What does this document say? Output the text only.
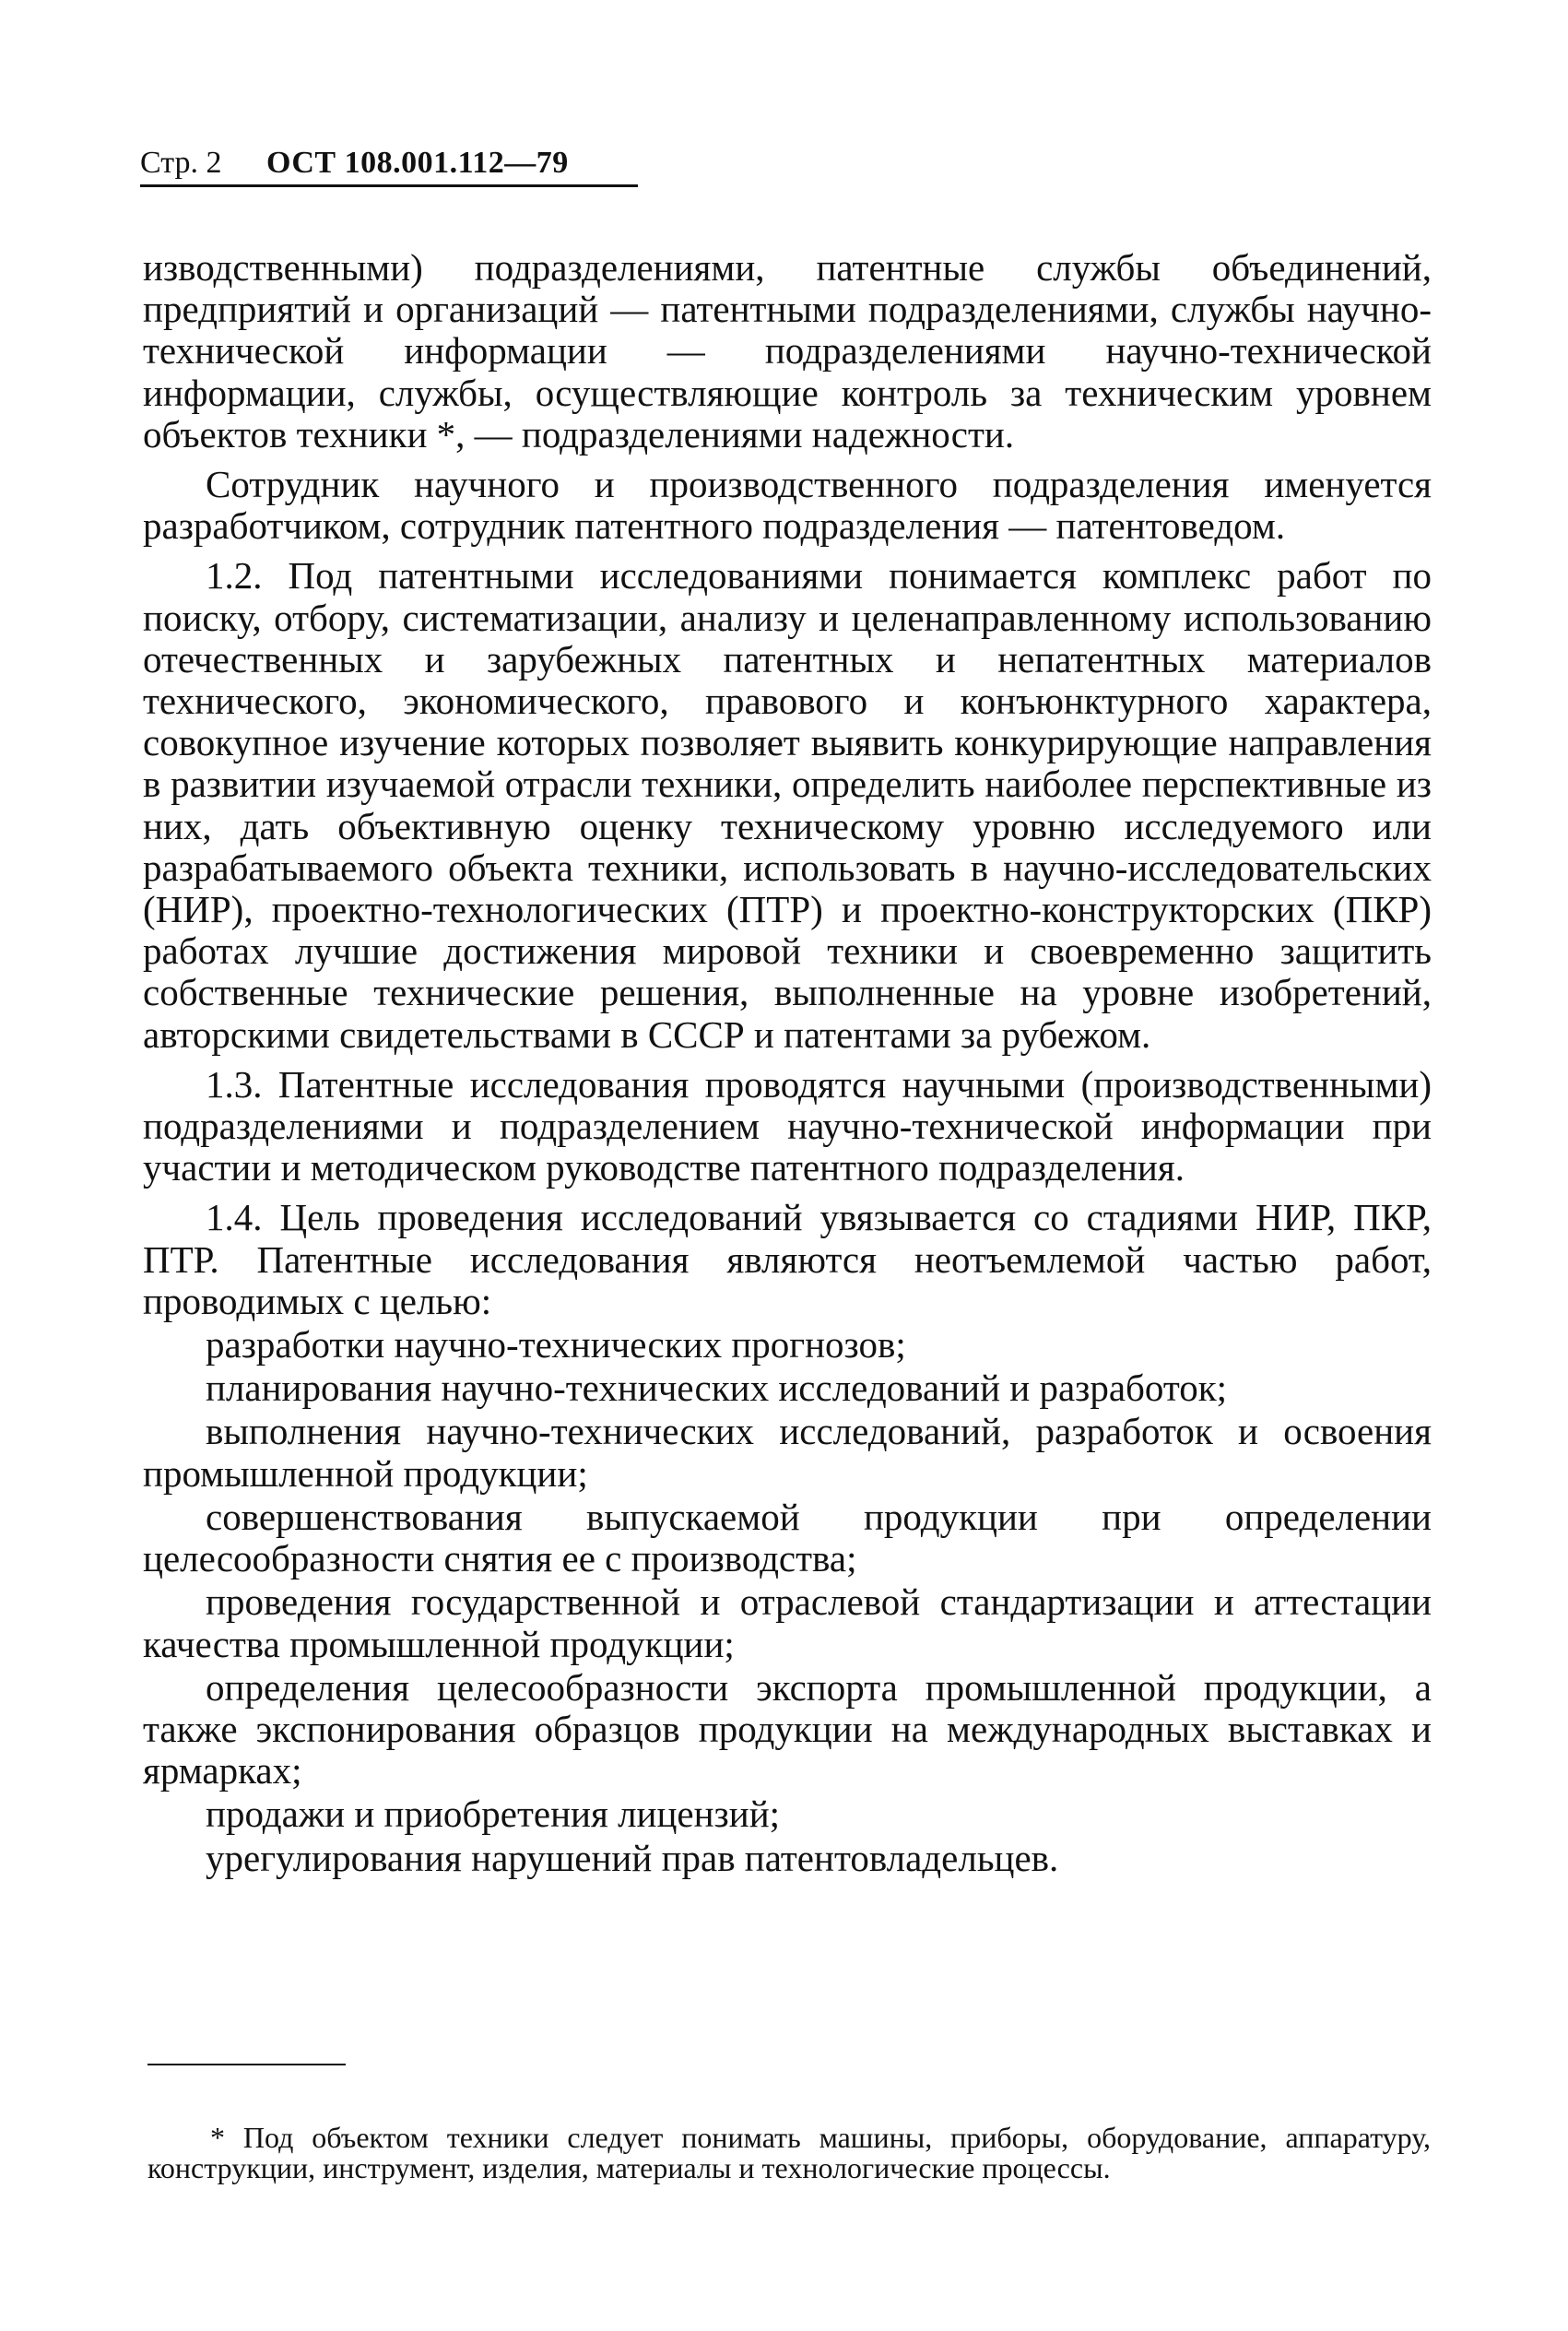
Стр. 2 ОСТ 108.001.112—79

изводственными) подразделениями, патентные службы объединений, предприятий и организаций — патентными подразделениями, службы научно-технической информации — подразделениями научно-технической информации, службы, осуществляющие контроль за техническим уровнем объектов техники *, — подразделениями надежности.

Сотрудник научного и производственного подразделения именуется разработчиком, сотрудник патентного подразделения — патентоведом.

1.2. Под патентными исследованиями понимается комплекс работ по поиску, отбору, систематизации, анализу и целенаправленному использованию отечественных и зарубежных патентных и непатентных материалов технического, экономического, правового и конъюнктурного характера, совокупное изучение которых позволяет выявить конкурирующие направления в развитии изучаемой отрасли техники, определить наиболее перспективные из них, дать объективную оценку техническому уровню исследуемого или разрабатываемого объекта техники, использовать в научно-исследовательских (НИР), проектно-технологических (ПТР) и проектно-конструкторских (ПКР) работах лучшие достижения мировой техники и своевременно защитить собственные технические решения, выполненные на уровне изобретений, авторскими свидетельствами в СССР и патентами за рубежом.

1.3. Патентные исследования проводятся научными (производственными) подразделениями и подразделением научно-технической информации при участии и методическом руководстве патентного подразделения.

1.4. Цель проведения исследований увязывается со стадиями НИР, ПКР, ПТР. Патентные исследования являются неотъемлемой частью работ, проводимых с целью:

разработки научно-технических прогнозов;

планирования научно-технических исследований и разработок;

выполнения научно-технических исследований, разработок и освоения промышленной продукции;

совершенствования выпускаемой продукции при определении целесообразности снятия ее с производства;

проведения государственной и отраслевой стандартизации и аттестации качества промышленной продукции;

определения целесообразности экспорта промышленной продукции, а также экспонирования образцов продукции на международных выставках и ярмарках;

продажи и приобретения лицензий;

урегулирования нарушений прав патентовладельцев.

* Под объектом техники следует понимать машины, приборы, оборудование, аппаратуру, конструкции, инструмент, изделия, материалы и технологические процессы.
